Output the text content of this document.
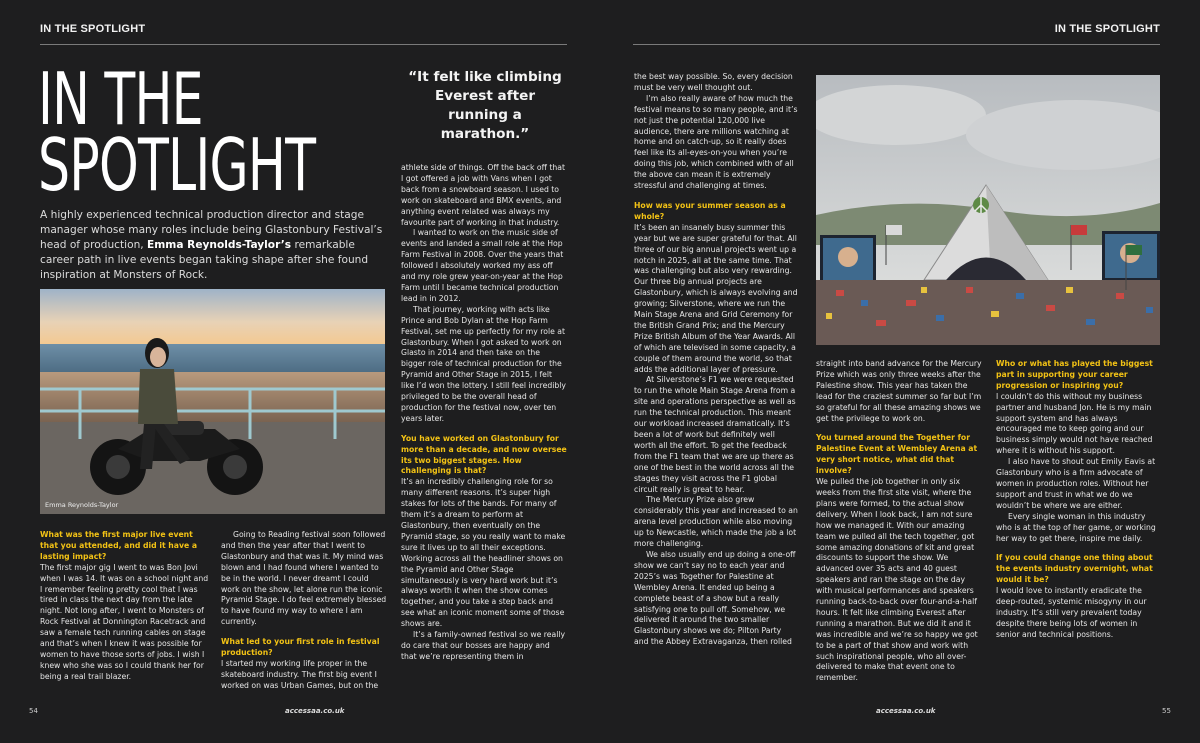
IN THE SPOTLIGHT	IN THE SPOTLIGHT
IN THE
SPOTLIGHT
A highly experienced technical production director and stage manager whose many roles include being Glastonbury Festival’s head of production, Emma Reynolds-Taylor’s remarkable career path in live events began taking shape after she found inspiration at Monsters of Rock.
Emma Reynolds-Taylor
“It felt like climbing Everest after running a marathon.”

What was the first major live event that you attended, and did it have a lasting impact?

The first major gig I went to was Bon Jovi when I was 14. It was on a school night and I remember feeling pretty cool that I was tired in class the next day from the late night. Not long after, I went to Monsters of Rock Festival at Donnington Racetrack and saw a female tech running cables on stage and that’s when I knew it was possible for women to have those sorts of jobs. I wish I knew who she was so I could thank her for being a real trail blazer.

Going to Reading festival soon followed and then the year after that I went to Glastonbury and that was it. My mind was blown and I had found where I wanted to be in the world. I never dreamt I could work on the show, let alone run the iconic Pyramid Stage. I do feel extremely blessed to have found my way to where I am currently.

What led to your first role in festival production?

I started my working life proper in the skateboard industry. The first big event I worked on was Urban Games, but on the

athlete side of things. Off the back off that I got offered a job with Vans when I got back from a snowboard season. I used to work on skateboard and BMX events, and anything event related was always my favourite part of working in that industry.

I wanted to work on the music side of events and landed a small role at the Hop Farm Festival in 2008. Over the years that followed I absolutely worked my ass off and my role grew year-on-year at the Hop Farm until I became technical production lead in in 2012.

That journey, working with acts like Prince and Bob Dylan at the Hop Farm Festival, set me up perfectly for my role at Glastonbury. When I got asked to work on Glasto in 2014 and then take on the bigger role of technical production for the Pyramid and Other Stage in 2015, I felt like I’d won the lottery. I still feel incredibly privileged to be the overall head of production for the festival now, over ten years later.

You have worked on Glastonbury for more than a decade, and now oversee its two biggest stages. How challenging is that?

It’s an incredibly challenging role for so many different reasons. It’s super high stakes for lots of the bands. For many of them it’s a dream to perform at Glastonbury, then eventually on the Pyramid stage, so you really want to make sure it lives up to all their exceptions. Working across all the headliner shows on the Pyramid and Other Stage simultaneously is very hard work but it’s always worth it when the show comes together, and you take a step back and see what an iconic moment some of those shows are.

It’s a family-owned festival so we really do care that our bosses are happy and that we’re representing them in

the best way possible. So, every decision must be very well thought out.

I’m also really aware of how much the festival means to so many people, and it’s not just the potential 120,000 live audience, there are millions watching at home and on catch-up, so it really does feel like its all-eyes-on-you when you’re doing this job, which combined with of all the above can mean it is extremely stressful and challenging at times.

How was your summer season as a whole?

It’s been an insanely busy summer this year but we are super grateful for that. All three of our big annual projects went up a notch in 2025, all at the same time. That was challenging but also very rewarding. Our three big annual projects are Glastonbury, which is always evolving and growing; Silverstone, where we run the Main Stage Arena and Grid Ceremony for the British Grand Prix; and the Mercury Prize British Album of the Year Awards. All of which are televised in some capacity, a couple of them around the world, so that adds the additional layer of pressure.

At Silverstone’s F1 we were requested to run the whole Main Stage Arena from a site and operations perspective as well as run the technical production. This meant our workload increased dramatically. It’s been a lot of work but definitely well worth all the effort. To get the feedback from the F1 team that we are up there as one of the best in the world across all the stages they visit across the F1 global circuit really is great to hear.

The Mercury Prize also grew considerably this year and increased to an arena level production while also moving up to Newcastle, which made the job a lot more challenging.

We also usually end up doing a one-off show we can’t say no to each year and 2025’s was Together for Palestine at Wembley Arena. It ended up being a complete beast of a show but a really satisfying one to pull off. Somehow, we delivered it around the two smaller Glastonbury shows we do; Pilton Party and the Abbey Extravaganza, then rolled

straight into band advance for the Mercury Prize which was only three weeks after the Palestine show. This year has taken the lead for the craziest summer so far but I’m so grateful for all these amazing shows we get the privilege to work on.

You turned around the Together for Palestine Event at Wembley Arena at very short notice, what did that involve?

We pulled the job together in only six weeks from the first site visit, where the plans were formed, to the actual show delivery. When I look back, I am not sure how we managed it. With our amazing team we pulled all the tech together, got some amazing donations of kit and great discounts to support the show. We advanced over 35 acts and 40 guest speakers and ran the stage on the day with musical performances and speakers running back-to-back over four-and-a-half hours. It felt like climbing Everest after running a marathon. But we did it and it was incredible and we’re so happy we got to be a part of that show and work with such inspirational people, who all over-delivered to make that event one to remember.

Who or what has played the biggest part in supporting your career progression or inspiring you?

I couldn’t do this without my business partner and husband Jon. He is my main support system and has always encouraged me to keep going and our business simply would not have reached where it is without his support.

I also have to shout out Emily Eavis at Glastonbury who is a firm advocate of women in production roles. Without her support and trust in what we do we wouldn’t be where we are either.

Every single woman in this industry who is at the top of her game, or working her way to get there, inspire me daily.

If you could change one thing about the events industry overnight, what would it be?

I would love to instantly eradicate the deep-routed, systemic misogyny in our industry. It’s still very prevalent today despite there being lots of women in senior and technical positions.

54	accessaa.co.uk	accessaa.co.uk	55
